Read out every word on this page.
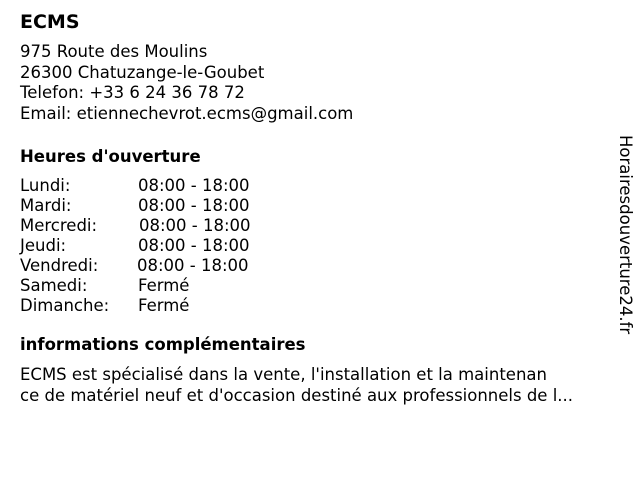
ECMS
975 Route des Moulins
26300 Chatuzange-le-Goubet
Telefon: +33 6 24 36 78 72
Email: etiennechevrot.ecms@gmail.com
Heures d'ouverture
Lundi:	08:00 - 18:00
Mardi:	08:00 - 18:00
Mercredi:	08:00 - 18:00
Jeudi:	08:00 - 18:00
Vendredi:	08:00 - 18:00
Samedi:	Fermé
Dimanche:	Fermé
informations complémentaires
ECMS est spécialisé dans la vente, l'installation et la maintenan
ce de matériel neuf et d'occasion destiné aux professionnels de l...
Horairesdouverture24.fr
